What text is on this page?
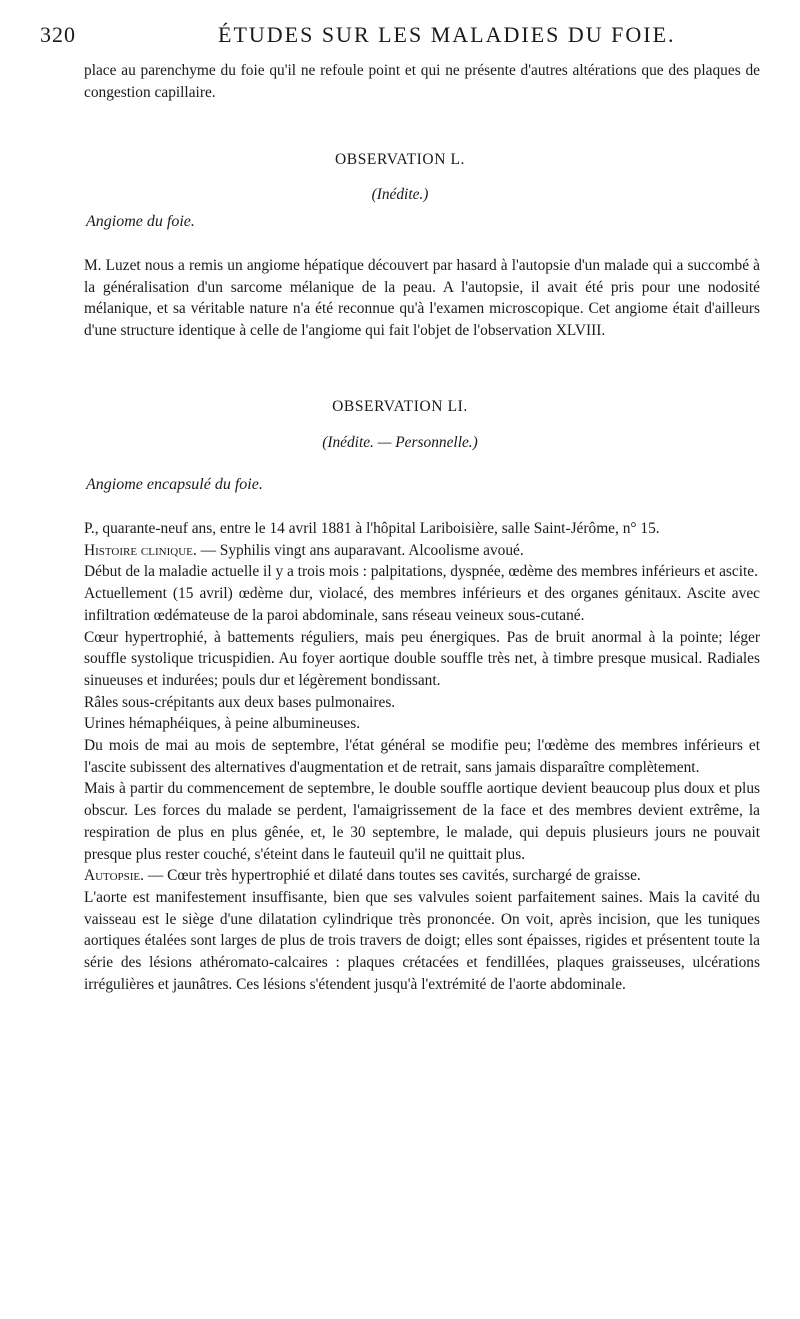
320	ÉTUDES SUR LES MALADIES DU FOIE.

place au parenchyme du foie qu'il ne refoule point et qui ne présente d'autres altérations que des plaques de congestion capillaire.

OBSERVATION L.
(Inédite.)
Angiome du foie.

M. Luzet nous a remis un angiome hépatique découvert par hasard à l'autopsie d'un malade qui a succombé à la généralisation d'un sarcome mélanique de la peau. A l'autopsie, il avait été pris pour une nodosité mélanique, et sa véritable nature n'a été reconnue qu'à l'examen microscopique. Cet angiome était d'ailleurs d'une structure identique à celle de l'angiome qui fait l'objet de l'observation XLVIII.

OBSERVATION LI.
(Inédite. — Personnelle.)
Angiome encapsulé du foie.

P., quarante-neuf ans, entre le 14 avril 1881 à l'hôpital Lariboisière, salle Saint-Jérôme, n° 15.

Histoire clinique. — Syphilis vingt ans auparavant. Alcoolisme avoué.

Début de la maladie actuelle il y a trois mois : palpitations, dyspnée, œdème des membres inférieurs et ascite.

Actuellement (15 avril) œdème dur, violacé, des membres inférieurs et des organes génitaux. Ascite avec infiltration œdémateuse de la paroi abdominale, sans réseau veineux sous-cutané.

Cœur hypertrophié, à battements réguliers, mais peu énergiques. Pas de bruit anormal à la pointe; léger souffle systolique tricuspidien. Au foyer aortique double souffle très net, à timbre presque musical. Radiales sinueuses et indurées; pouls dur et légèrement bondissant.

Râles sous-crépitants aux deux bases pulmonaires.

Urines hémaphéiques, à peine albumineuses.

Du mois de mai au mois de septembre, l'état général se modifie peu; l'œdème des membres inférieurs et l'ascite subissent des alternatives d'augmentation et de retrait, sans jamais disparaître complètement.

Mais à partir du commencement de septembre, le double souffle aortique devient beaucoup plus doux et plus obscur. Les forces du malade se perdent, l'amaigrissement de la face et des membres devient extrême, la respiration de plus en plus gênée, et, le 30 septembre, le malade, qui depuis plusieurs jours ne pouvait presque plus rester couché, s'éteint dans le fauteuil qu'il ne quittait plus.

Autopsie. — Cœur très hypertrophié et dilaté dans toutes ses cavités, surchargé de graisse.

L'aorte est manifestement insuffisante, bien que ses valvules soient parfaitement saines. Mais la cavité du vaisseau est le siège d'une dilatation cylindrique très prononcée. On voit, après incision, que les tuniques aortiques étalées sont larges de plus de trois travers de doigt; elles sont épaisses, rigides et présentent toute la série des lésions athéromato-calcaires : plaques crétacées et fendillées, plaques graisseuses, ulcérations irrégulières et jaunâtres. Ces lésions s'étendent jusqu'à l'extrémité de l'aorte abdominale.
